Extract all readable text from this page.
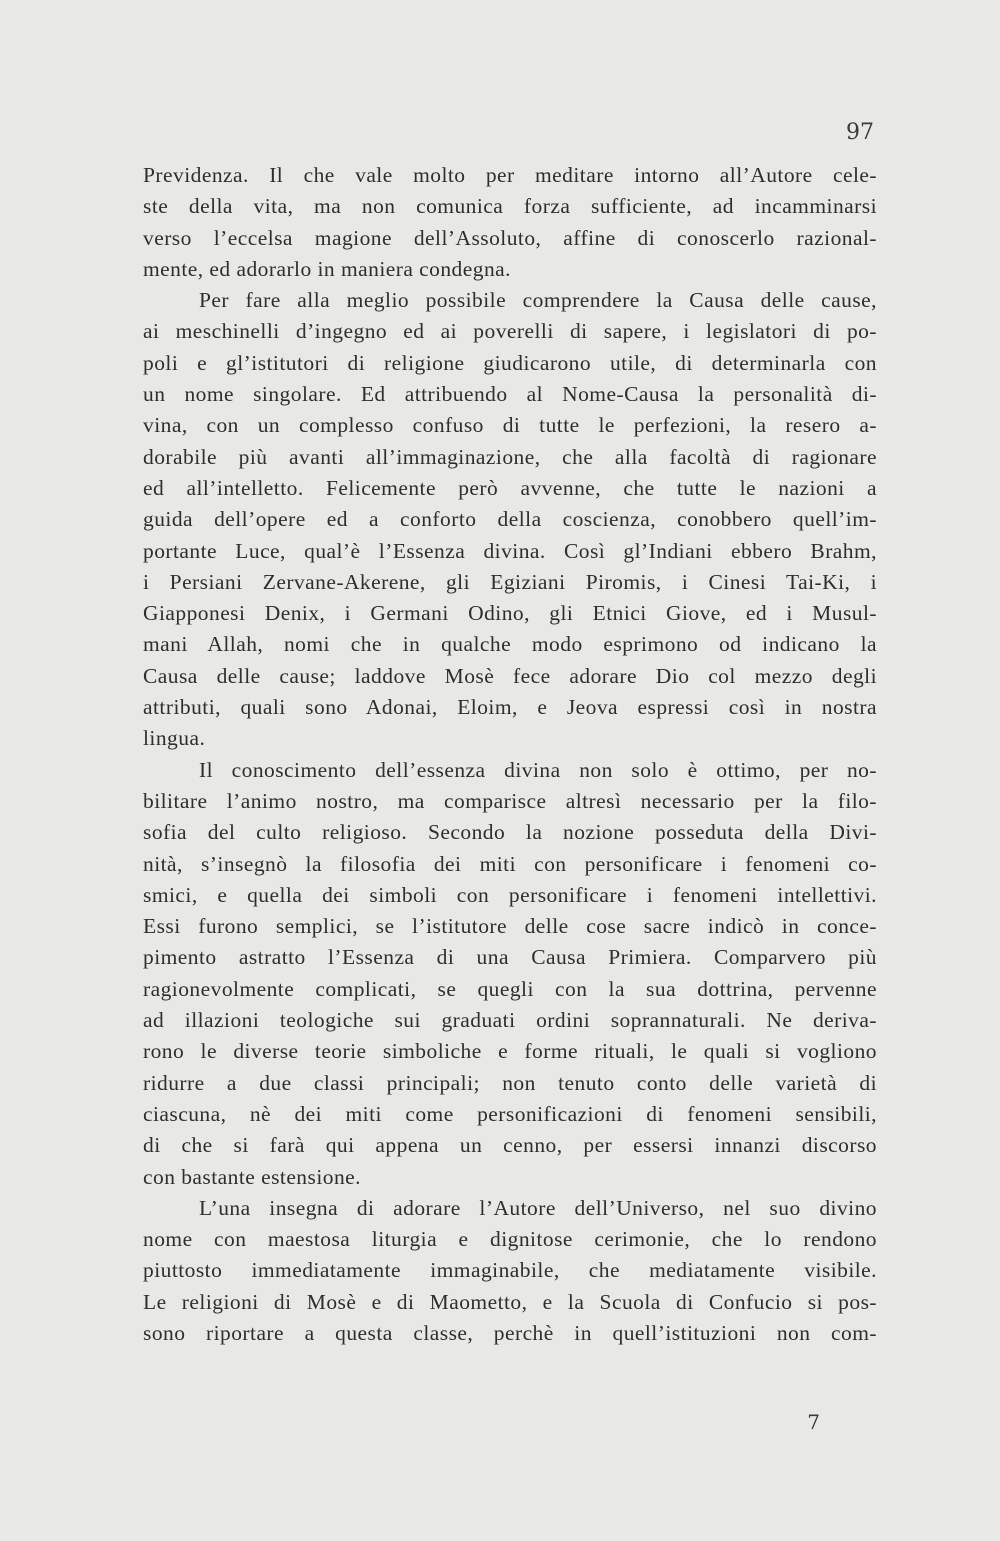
97
Previdenza. Il che vale molto per meditare intorno all’Autore cele-
ste della vita, ma non comunica forza sufficiente, ad incamminarsi
verso l’eccelsa magione dell’Assoluto, affine di conoscerlo razional-
mente, ed adorarlo in maniera condegna.
Per fare alla meglio possibile comprendere la Causa delle cause,
ai meschinelli d’ingegno ed ai poverelli di sapere, i legislatori di po-
poli e gl’istitutori di religione giudicarono utile, di determinarla con
un nome singolare. Ed attribuendo al Nome-Causa la personalità di-
vina, con un complesso confuso di tutte le perfezioni, la resero a-
dorabile più avanti all’immaginazione, che alla facoltà di ragionare
ed all’intelletto. Felicemente però avvenne, che tutte le nazioni a
guida dell’opere ed a conforto della coscienza, conobbero quell’im-
portante Luce, qual’è l’Essenza divina. Così gl’Indiani ebbero Brahm,
i Persiani Zervane-Akerene, gli Egiziani Piromis, i Cinesi Tai-Ki, i
Giapponesi Denix, i Germani Odino, gli Etnici Giove, ed i Musul-
mani Allah, nomi che in qualche modo esprimono od indicano la
Causa delle cause; laddove Mosè fece adorare Dio col mezzo degli
attributi, quali sono Adonai, Eloim, e Jeova espressi così in nostra
lingua.
Il conoscimento dell’essenza divina non solo è ottimo, per no-
bilitare l’animo nostro, ma comparisce altresì necessario per la filo-
sofia del culto religioso. Secondo la nozione posseduta della Divi-
nità, s’insegnò la filosofia dei miti con personificare i fenomeni co-
smici, e quella dei simboli con personificare i fenomeni intellettivi.
Essi furono semplici, se l’istitutore delle cose sacre indicò in conce-
pimento astratto l’Essenza di una Causa Primiera. Comparvero più
ragionevolmente complicati, se quegli con la sua dottrina, pervenne
ad illazioni teologiche sui graduati ordini soprannaturali. Ne deriva-
rono le diverse teorie simboliche e forme rituali, le quali si vogliono
ridurre a due classi principali; non tenuto conto delle varietà di
ciascuna, nè dei miti come personificazioni di fenomeni sensibili,
di che si farà qui appena un cenno, per essersi innanzi discorso
con bastante estensione.
L’una insegna di adorare l’Autore dell’Universo, nel suo divino
nome con maestosa liturgia e dignitose cerimonie, che lo rendono
piuttosto immediatamente immaginabile, che mediatamente visibile.
Le religioni di Mosè e di Maometto, e la Scuola di Confucio si pos-
sono riportare a questa classe, perchè in quell’istituzioni non com-
7
